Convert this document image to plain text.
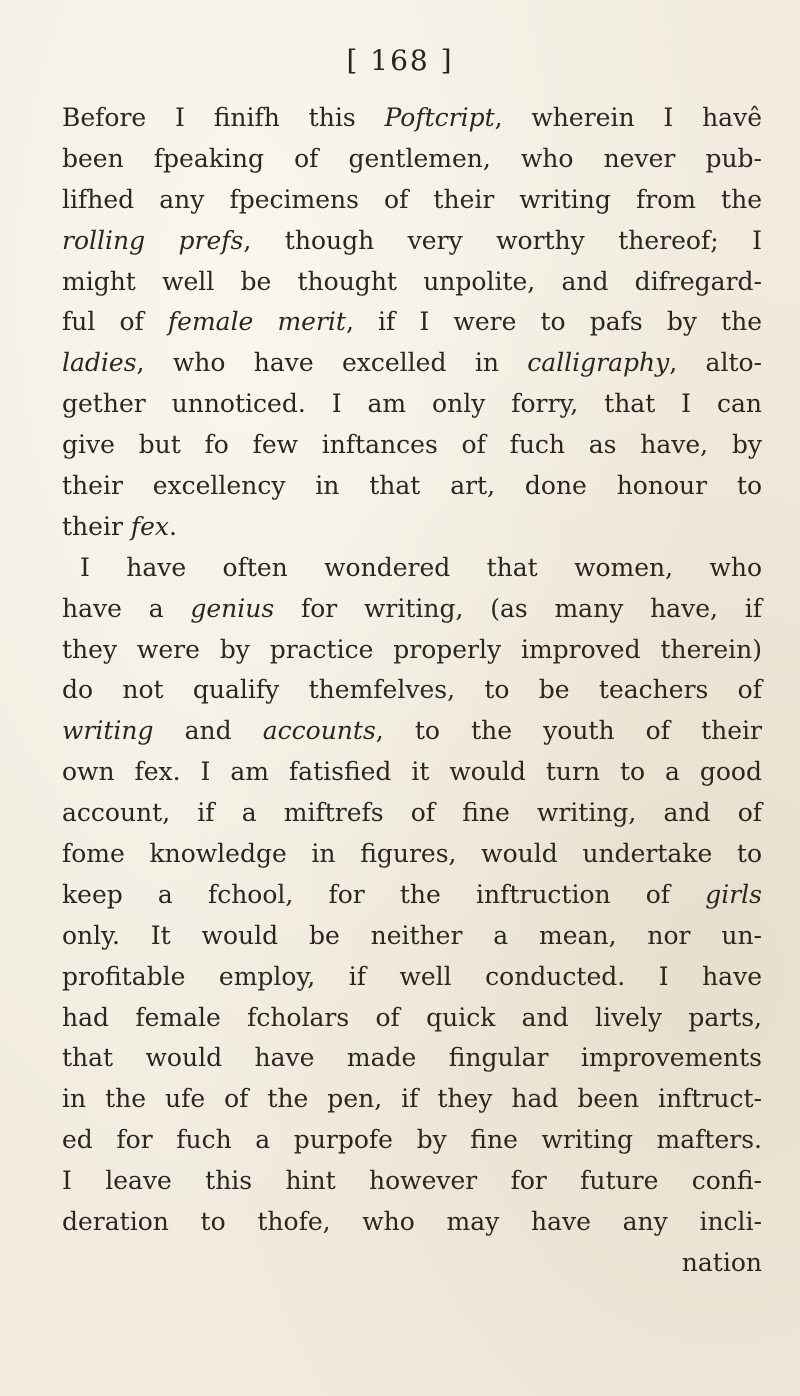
[ 168 ]
Before I finifh this Poftcript, wherein I havê
been fpeaking of gentlemen, who never pub-
lifhed any fpecimens of their writing from the
rolling prefs, though very worthy thereof; I
might well be thought unpolite, and difregard-
ful of female merit, if I were to pafs by the
ladies, who have excelled in calligraphy, alto-
gether unnoticed. I am only forry, that I can
give but fo few inftances of fuch as have, by
their excellency in that art, done honour to
their fex.
I have often wondered that women, who
have a genius for writing, (as many have, if
they were by practice properly improved therein)
do not qualify themfelves, to be teachers of
writing and accounts, to the youth of their
own fex. I am fatisfied it would turn to a good
account, if a miftrefs of fine writing, and of
fome knowledge in figures, would undertake to
keep a fchool, for the inftruction of girls
only. It would be neither a mean, nor un-
profitable employ, if well conducted. I have
had female fcholars of quick and lively parts,
that would have made fingular improvements
in the ufe of the pen, if they had been inftruct-
ed for fuch a purpofe by fine writing mafters.
I leave this hint however for future confi-
deration to thofe, who may have any incli-
nation
